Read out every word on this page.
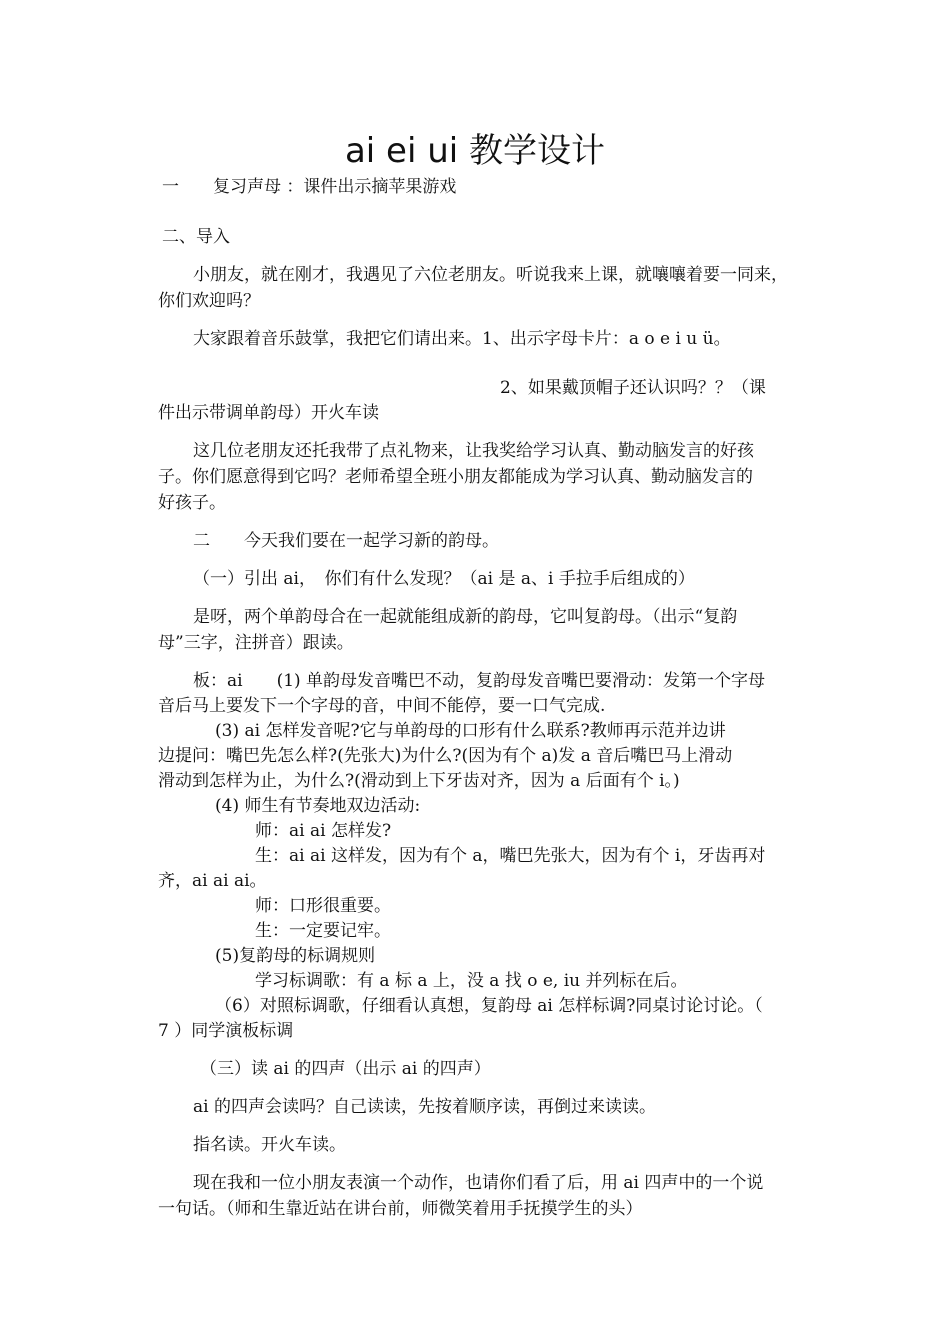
ai ei ui 教学设计
一　　复习声母 ：课件出示摘苹果游戏
二、导入
小朋友，就在刚才，我遇见了六位老朋友。听说我来上课，就嚷嚷着要一同来，
你们欢迎吗？
大家跟着音乐鼓掌，我把它们请出来。1、出示字母卡片：a o e i u ü。
2、如果戴顶帽子还认识吗？？（课
件出示带调单韵母）开火车读
这几位老朋友还托我带了点礼物来，让我奖给学习认真、勤动脑发言的好孩
子。你们愿意得到它吗？老师希望全班小朋友都能成为学习认真、勤动脑发言的
好孩子。
二　　今天我们要在一起学习新的韵母。
（一）引出 ai，　你们有什么发现？（ai 是 a、i 手拉手后组成的）
是呀，两个单韵母合在一起就能组成新的韵母，它叫复韵母。（出示“复韵
母”三字，注拼音）跟读。
板：ai　　(1) 单韵母发音嘴巴不动，复韵母发音嘴巴要滑动：发第一个字母
音后马上要发下一个字母的音，中间不能停，要一口气完成.
(3) ai 怎样发音呢?它与单韵母的口形有什么联系?教师再示范并边讲
边提问：嘴巴先怎么样?(先张大)为什么?(因为有个 a)发 a 音后嘴巴马上滑动
滑动到怎样为止，为什么?(滑动到上下牙齿对齐，因为 a 后面有个 i。)
(4) 师生有节奏地双边活动:
师：ai ai 怎样发?
生：ai ai 这样发，因为有个 a，嘴巴先张大，因为有个 i，牙齿再对
齐，ai ai ai。
师：口形很重要。
生：一定要记牢。
(5)复韵母的标调规则
学习标调歌：有 a 标 a 上，没 a 找 o e, iu 并列标在后。
（6）对照标调歌，仔细看认真想，复韵母 ai 怎样标调?同桌讨论讨论。（
7 ）同学演板标调
（三）读 ai 的四声（出示 ai 的四声）
ai 的四声会读吗？自己读读，先按着顺序读，再倒过来读读。
指名读。开火车读。
现在我和一位小朋友表演一个动作，也请你们看了后，用 ai 四声中的一个说
一句话。（师和生靠近站在讲台前，师微笑着用手抚摸学生的头）
